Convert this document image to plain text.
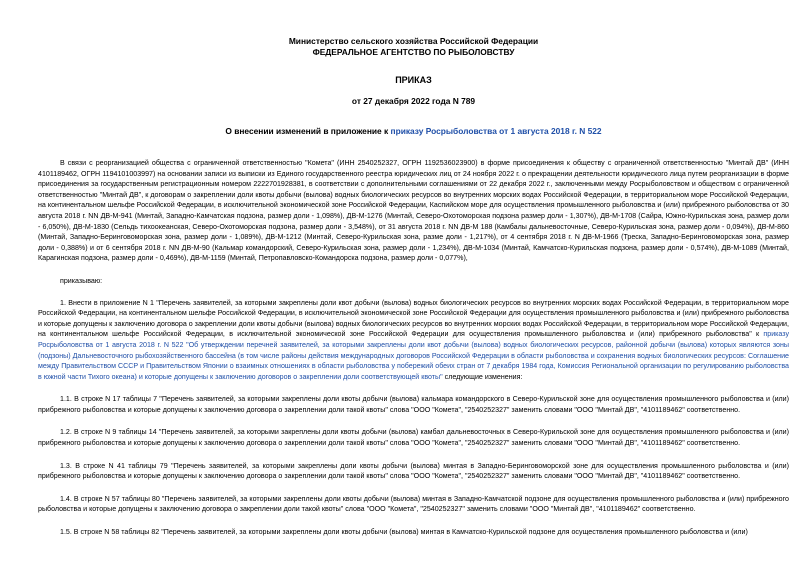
Министерство сельского хозяйства Российской Федерации
ФЕДЕРАЛЬНОЕ АГЕНТСТВО ПО РЫБОЛОВСТВУ
ПРИКАЗ
от 27 декабря 2022 года N 789
О внесении изменений в приложение к приказу Росрыболовства от 1 августа 2018 г. N 522

В связи с реорганизацией общества с ограниченной ответственностью "Комета" (ИНН 2540252327, ОГРН 1192536023900) в форме присоединения к обществу с ограниченной ответственностью "Минтай ДВ" (ИНН 4101189462, ОГРН 1194101003997) на основании записи из выписки из Единого государственного реестра юридических лиц от 24 ноября 2022 г. о прекращении деятельности юридического лица путем реорганизации в форме присоединения за государственным регистрационным номером 2222701928381, в соответствии с дополнительными соглашениями от 22 декабря 2022 г., заключенными между Росрыболовством и обществом с ограниченной ответственностью "Минтай ДВ", к договорам о закреплении доли квоты добычи (вылова) водных биологических ресурсов во внутренних морских водах Российской Федерации, в территориальном море Российской Федерации, на континентальном шельфе Российской Федерации, в исключительной экономической зоне Российской Федерации, Каспийском море для осуществления промышленного рыболовства и (или) прибрежного рыболовства от 30 августа 2018 г. NN ДВ-М-941 (Минтай, Западно-Камчатская подзона, размер доли - 1,098%), ДВ-М-1276 (Минтай, Северо-Охотоморская подзона размер доли - 1,307%), ДВ-М-1708 (Сайра, Южно-Курильская зона, размер доли - 6,050%), ДВ-М-1830 (Сельдь тихоокеанская, Северо-Охотоморская подзона, размер доли - 3,548%), от 31 августа 2018 г. NN ДВ-М 188 (Камбалы дальневосточные, Северо-Курильская зона, размер доли - 0,094%), ДВ-М-860 (Минтай, Западно-Беринговоморская зона, размер доли - 1,089%), ДВ-М-1212 (Минтай, Северо-Курильская зона, разме доли - 1,217%), от 4 сентября 2018 г. N ДВ-М-1966 (Треска, Западно-Беринговоморская зона, размер доли - 0,388%) и от 6 сентября 2018 г. NN ДВ-М-90 (Кальмар командорский, Северо-Курильская зона, размер доли - 1,234%), ДВ-М-1034 (Минтай, Камчатско-Курильская подзона, размер доли - 0,574%), ДВ-М-1089 (Минтай, Карагинская подзона, размер доли - 0,469%), ДВ-М-1159 (Минтай, Петропавловско-Командорска подзона, размер доли - 0,077%),

приказываю:

1. Внести в приложение N 1 "Перечень заявителей, за которыми закреплены доли квот добычи (вылова) водных биологических ресурсов во внутренних морских водах Российской Федерации, в территориальном море Российской Федерации, на континентальном шельфе Российской Федерации, в исключительной экономической зоне Российской Федерации для осуществления промышленного рыболовства и (или) прибрежного рыболовства и которые допущены к заключению договора о закреплении доли квоты добычи (вылова) водных биологических ресурсов во внутренних морских водах Российской Федерации, в территориальном море Российской Федерации, на континентальном шельфе Российской Федерации, в исключительной экономической зоне Российской Федерации для осуществления промышленного рыболовства и (или) прибрежного рыболовства" к приказу Росрыболовства от 1 августа 2018 г. N 522 "Об утверждении перечней заявителей, за которыми закреплены доли квот добычи (вылова) водных биологических ресурсов, районной добычи (вылова) которых являются зоны (подзоны) Дальневосточного рыбохозяйственного бассейна (в том числе районы действия международных договоров Российской Федерации в области рыболовства и сохранения водных биологических ресурсов: Соглашение между Правительством СССР и Правительством Японии о взаимных отношениях в области рыболовства у побережий обеих стран от 7 декабря 1984 года, Комиссия Региональной организации по регулированию рыболовства в южной части Тихого океана) и которые допущены к заключению договоров о закреплении доли соответствующей квоты" следующие изменения:

1.1. В строке N 17 таблицы 7 "Перечень заявителей, за которыми закреплены доли квоты добычи (вылова) кальмара командорского в Северо-Курильской зоне для осуществления промышленного рыболовства и (или) прибрежного рыболовства и которые допущены к заключению договора о закреплении доли такой квоты" слова "ООО "Комета", "2540252327" заменить словами "ООО "Минтай ДВ", "4101189462" соответственно.

1.2. В строке N 9 таблицы 14 "Перечень заявителей, за которыми закреплены доли квоты добычи (вылова) камбал дальневосточных в Северо-Курильской зоне для осуществления промышленного рыболовства и (или) прибрежного рыболовства и которые допущены к заключению договора о закреплении доли такой квоты" слова "ООО "Комета", "2540252327" заменить словами "ООО "Минтай ДВ", "4101189462" соответственно.

1.3. В строке N 41 таблицы 79 "Перечень заявителей, за которыми закреплены доли квоты добычи (вылова) минтая в Западно-Беринговоморской зоне для осуществления промышленного рыболовства и (или) прибрежного рыболовства и которые допущены к заключению договора о закреплении доли такой квоты" слова "ООО "Комета", "2540252327" заменить словами "ООО "Минтай ДВ", "4101189462" соответственно.

1.4. В строке N 57 таблицы 80 "Перечень заявителей, за которыми закреплены доли квоты добычи (вылова) минтая в Западно-Камчатской подзоне для осуществления промышленного рыболовства и (или) прибрежного рыболовства и которые допущены к заключению договора о закреплении доли такой квоты" слова "ООО "Комета", "2540252327" заменить словами "ООО "Минтай ДВ", "4101189462" соответственно.

1.5. В строке N 58 таблицы 82 "Перечень заявителей, за которыми закреплены доли квоты добычи (вылова) минтая в Камчатско-Курильской подзоне для осуществления промышленного рыболовства и (или)
